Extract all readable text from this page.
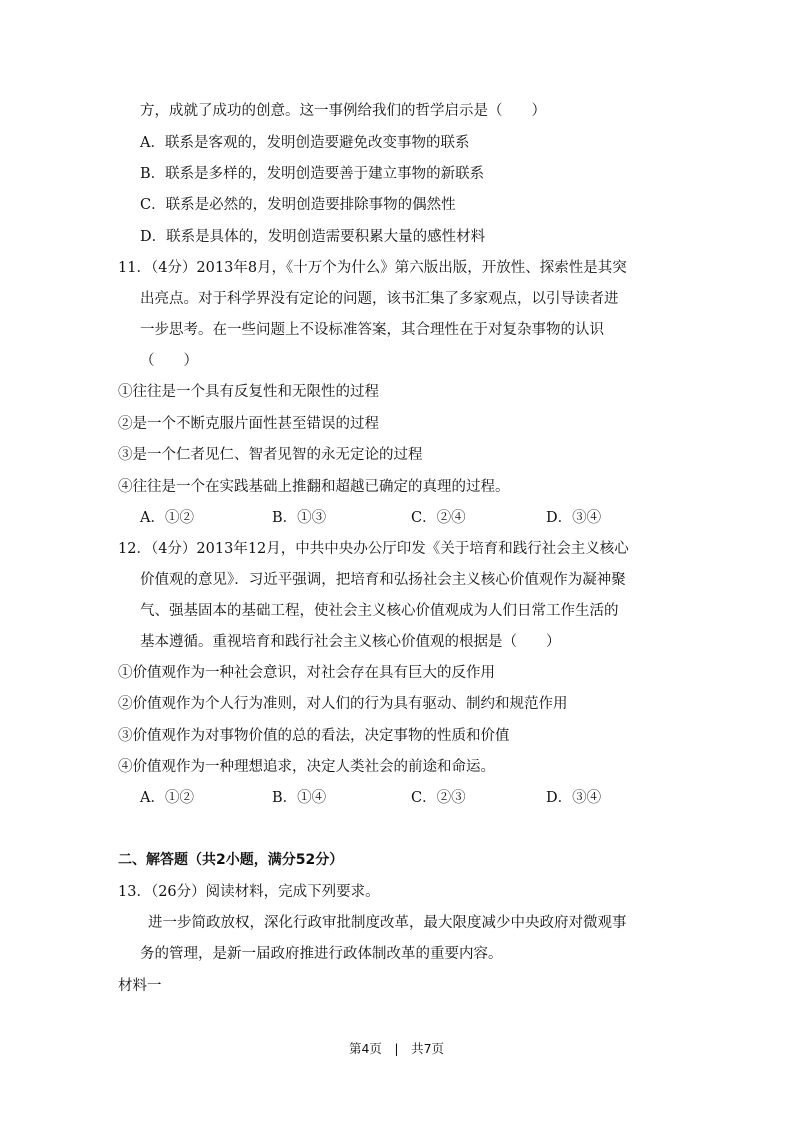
方，成就了成功的创意。这一事例给我们的哲学启示是（　　）
A．联系是客观的，发明创造要避免改变事物的联系
B．联系是多样的，发明创造要善于建立事物的新联系
C．联系是必然的，发明创造要排除事物的偶然性
D．联系是具体的，发明创造需要积累大量的感性材料
11．（4分）2013年8月，《十万个为什么》第六版出版，开放性、探索性是其突
出亮点。对于科学界没有定论的问题，该书汇集了多家观点，以引导读者进
一步思考。在一些问题上不设标准答案，其合理性在于对复杂事物的认识
（　　）
①往往是一个具有反复性和无限性的过程
②是一个不断克服片面性甚至错误的过程
③是一个仁者见仁、智者见智的永无定论的过程
④往往是一个在实践基础上推翻和超越已确定的真理的过程。
A．①②	B．①③	C．②④	D．③④
12．（4分）2013年12月，中共中央办公厅印发《关于培育和践行社会主义核心
价值观的意见》．习近平强调，把培育和弘扬社会主义核心价值观作为凝神聚
气、强基固本的基础工程，使社会主义核心价值观成为人们日常工作生活的
基本遵循。重视培育和践行社会主义核心价值观的根据是（　　）
①价值观作为一种社会意识，对社会存在具有巨大的反作用
②价值观作为个人行为准则，对人们的行为具有驱动、制约和规范作用
③价值观作为对事物价值的总的看法，决定事物的性质和价值
④价值观作为一种理想追求，决定人类社会的前途和命运。
A．①②	B．①④	C．②③	D．③④
二、解答题（共2小题，满分52分）
13．（26分）阅读材料，完成下列要求。
进一步简政放权，深化行政审批制度改革，最大限度减少中央政府对微观事
务的管理，是新一届政府推进行政体制改革的重要内容。
材料一
第4页　|　共7页
